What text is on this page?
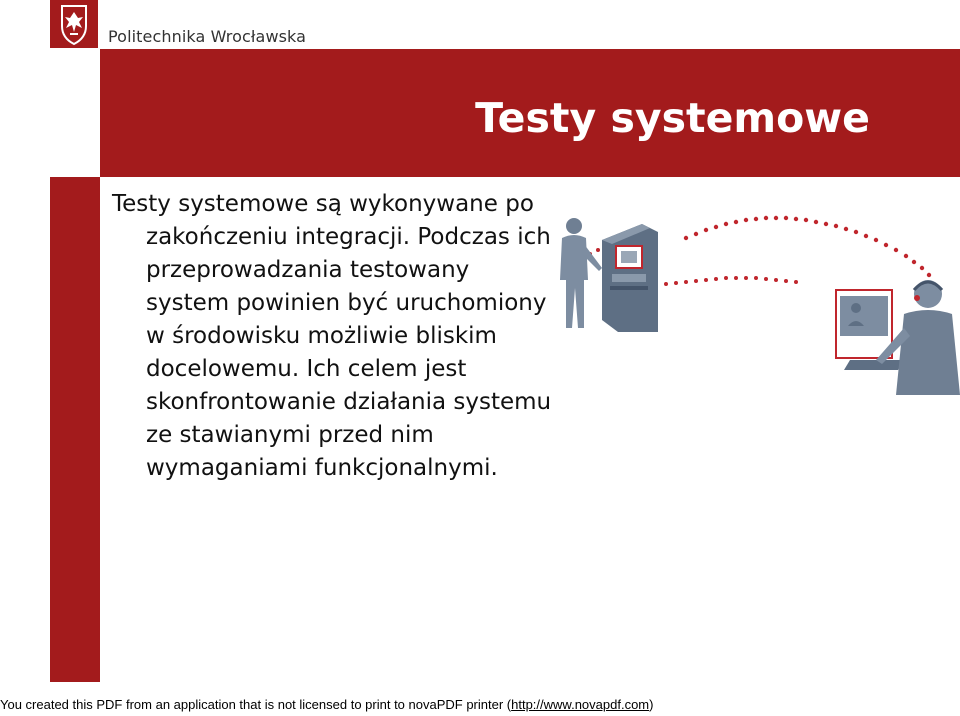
Politechnika Wrocławska
Testy systemowe

Testy systemowe są wykonywane po zakończeniu integracji. Podczas ich przeprowadzania testowany system powinien być uruchomiony w środowisku możliwie bliskim docelowemu. Ich celem jest skonfrontowanie działania systemu ze stawianymi przed nim wymaganiami funkcjonalnymi.

You created this PDF from an application that is not licensed to print to novaPDF printer (http://www.novapdf.com)
